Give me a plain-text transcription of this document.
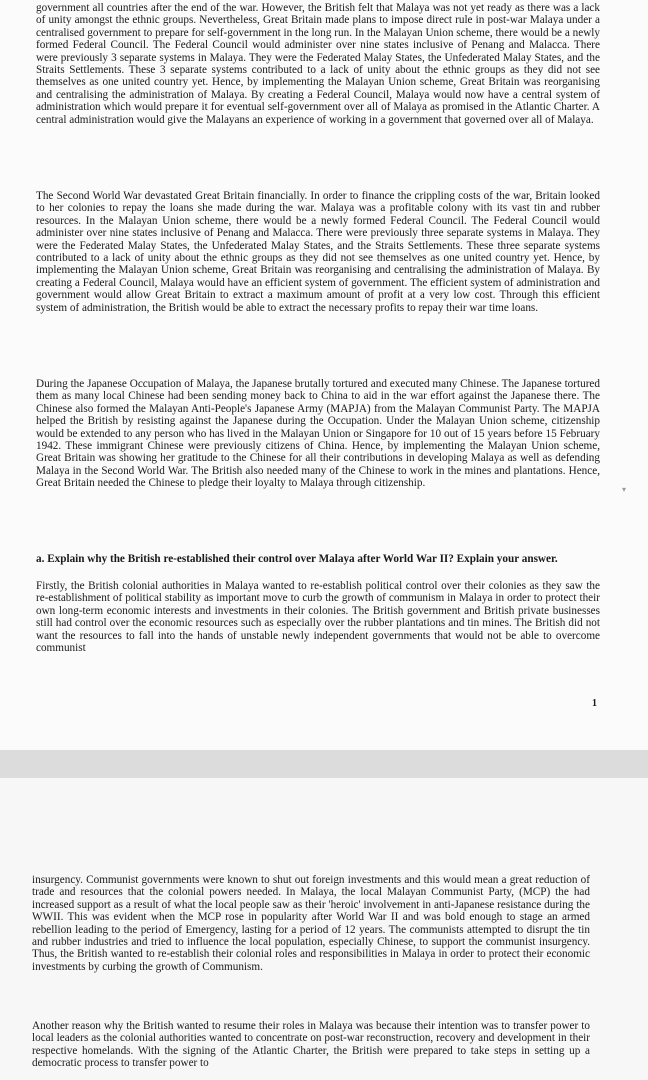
government all countries after the end of the war. However, the British felt that Malaya was not yet ready as there was a lack of unity amongst the ethnic groups. Nevertheless, Great Britain made plans to impose direct rule in post-war Malaya under a centralised government to prepare for self-government in the long run. In the Malayan Union scheme, there would be a newly formed Federal Council. The Federal Council would administer over nine states inclusive of Penang and Malacca. There were previously 3 separate systems in Malaya. They were the Federated Malay States, the Unfederated Malay States, and the Straits Settlements. These 3 separate systems contributed to a lack of unity about the ethnic groups as they did not see themselves as one united country yet. Hence, by implementing the Malayan Union scheme, Great Britain was reorganising and centralising the administration of Malaya. By creating a Federal Council, Malaya would now have a central system of administration which would prepare it for eventual self-government over all of Malaya as promised in the Atlantic Charter. A central administration would give the Malayans an experience of working in a government that governed over all of Malaya.

The Second World War devastated Great Britain financially. In order to finance the crippling costs of the war, Britain looked to her colonies to repay the loans she made during the war. Malaya was a profitable colony with its vast tin and rubber resources. In the Malayan Union scheme, there would be a newly formed Federal Council. The Federal Council would administer over nine states inclusive of Penang and Malacca. There were previously three separate systems in Malaya. They were the Federated Malay States, the Unfederated Malay States, and the Straits Settlements. These three separate systems contributed to a lack of unity about the ethnic groups as they did not see themselves as one united country yet. Hence, by implementing the Malayan Union scheme, Great Britain was reorganising and centralising the administration of Malaya. By creating a Federal Council, Malaya would have an efficient system of government. The efficient system of administration and government would allow Great Britain to extract a maximum amount of profit at a very low cost. Through this efficient system of administration, the British would be able to extract the necessary profits to repay their war time loans.

During the Japanese Occupation of Malaya, the Japanese brutally tortured and executed many Chinese. The Japanese tortured them as many local Chinese had been sending money back to China to aid in the war effort against the Japanese there. The Chinese also formed the Malayan Anti-People's Japanese Army (MAPJA) from the Malayan Communist Party. The MAPJA helped the British by resisting against the Japanese during the Occupation. Under the Malayan Union scheme, citizenship would be extended to any person who has lived in the Malayan Union or Singapore for 10 out of 15 years before 15 February 1942. These immigrant Chinese were previously citizens of China. Hence, by implementing the Malayan Union scheme, Great Britain was showing her gratitude to the Chinese for all their contributions in developing Malaya as well as defending Malaya in the Second World War. The British also needed many of the Chinese to work in the mines and plantations. Hence, Great Britain needed the Chinese to pledge their loyalty to Malaya through citizenship.

a. Explain why the British re-established their control over Malaya after World War II? Explain your answer.

Firstly, the British colonial authorities in Malaya wanted to re-establish political control over their colonies as they saw the re-establishment of political stability as important move to curb the growth of communism in Malaya in order to protect their own long-term economic interests and investments in their colonies. The British government and British private businesses still had control over the economic resources such as especially over the rubber plantations and tin mines. The British did not want the resources to fall into the hands of unstable newly independent governments that would not be able to overcome communist

1
▾

insurgency. Communist governments were known to shut out foreign investments and this would mean a great reduction of trade and resources that the colonial powers needed. In Malaya, the local Malayan Communist Party, (MCP) the had increased support as a result of what the local people saw as their 'heroic' involvement in anti-Japanese resistance during the WWII. This was evident when the MCP rose in popularity after World War II and was bold enough to stage an armed rebellion leading to the period of Emergency, lasting for a period of 12 years. The communists attempted to disrupt the tin and rubber industries and tried to influence the local population, especially Chinese, to support the communist insurgency. Thus, the British wanted to re-establish their colonial roles and responsibilities in Malaya in order to protect their economic investments by curbing the growth of Communism.

Another reason why the British wanted to resume their roles in Malaya was because their intention was to transfer power to local leaders as the colonial authorities wanted to concentrate on post-war reconstruction, recovery and development in their respective homelands. With the signing of the Atlantic Charter, the British were prepared to take steps in setting up a democratic process to transfer power to
